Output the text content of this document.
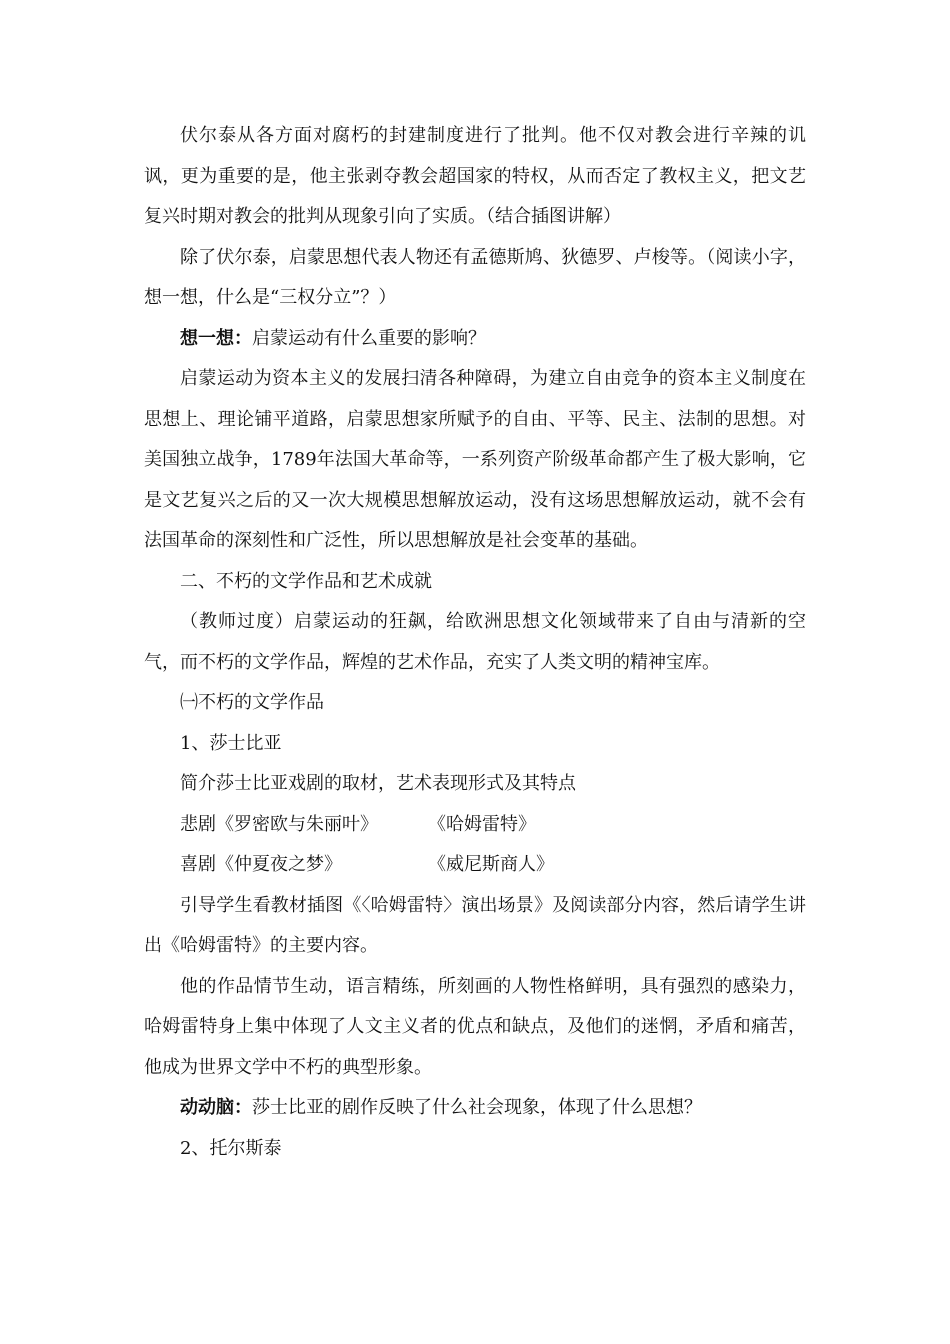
伏尔泰从各方面对腐朽的封建制度进行了批判。他不仅对教会进行辛辣的讥讽，更为重要的是，他主张剥夺教会超国家的特权，从而否定了教权主义，把文艺复兴时期对教会的批判从现象引向了实质。（结合插图讲解）

除了伏尔泰，启蒙思想代表人物还有孟德斯鸠、狄德罗、卢梭等。（阅读小字，想一想，什么是“三权分立”？）

想一想：启蒙运动有什么重要的影响？

启蒙运动为资本主义的发展扫清各种障碍，为建立自由竞争的资本主义制度在思想上、理论铺平道路，启蒙思想家所赋予的自由、平等、民主、法制的思想。对美国独立战争，1789年法国大革命等，一系列资产阶级革命都产生了极大影响，它是文艺复兴之后的又一次大规模思想解放运动，没有这场思想解放运动，就不会有法国革命的深刻性和广泛性，所以思想解放是社会变革的基础。

二、不朽的文学作品和艺术成就

（教师过度）启蒙运动的狂飙，给欧洲思想文化领域带来了自由与清新的空气，而不朽的文学作品，辉煌的艺术作品，充实了人类文明的精神宝库。

㈠不朽的文学作品

1、莎士比亚

简介莎士比亚戏剧的取材，艺术表现形式及其特点

悲剧《罗密欧与朱丽叶》	《哈姆雷特》
喜剧《仲夏夜之梦》	《威尼斯商人》

引导学生看教材插图《〈哈姆雷特〉演出场景》及阅读部分内容，然后请学生讲出《哈姆雷特》的主要内容。

他的作品情节生动，语言精练，所刻画的人物性格鲜明，具有强烈的感染力，哈姆雷特身上集中体现了人文主义者的优点和缺点，及他们的迷惘，矛盾和痛苦，他成为世界文学中不朽的典型形象。

动动脑：莎士比亚的剧作反映了什么社会现象，体现了什么思想？

2、托尔斯泰
